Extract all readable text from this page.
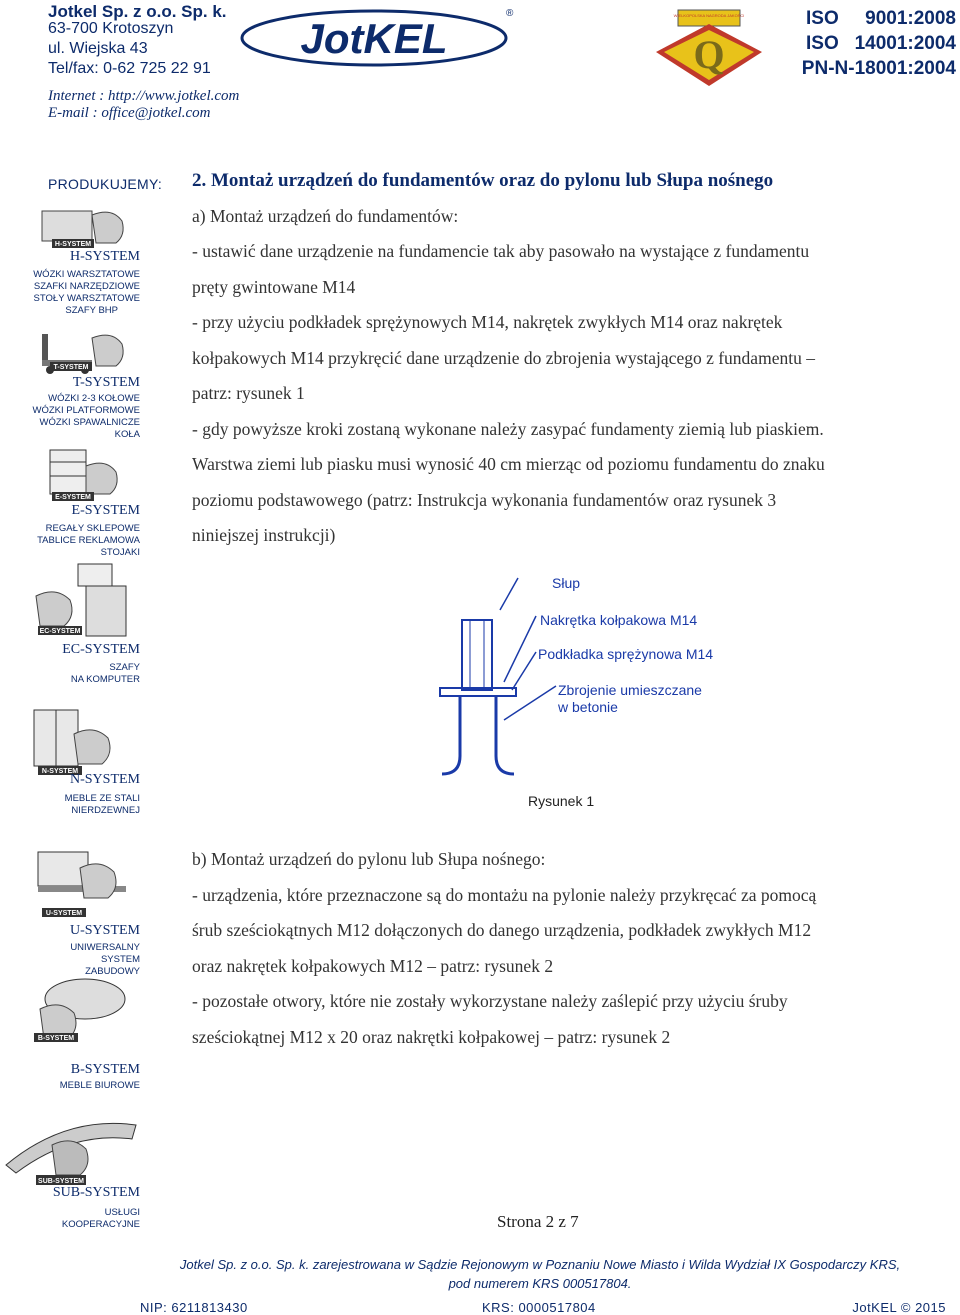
Jotkel Sp. z o.o. Sp. k.
63-700 Krotoszyn
ul. Wiejska 43
Tel/fax: 0-62 725 22 91
Internet : http://www.jotkel.com
E-mail : office@jotkel.com
JotKEL
®	WIELKOPOLSKA NAGRODA JAKOŚCI
Q
ISO     9001:2008
ISO   14001:2004
PN-N-18001:2004
PRODUKUJEMY:
H-SYSTEM
T-SYSTEM
E-SYSTEM
EC-SYSTEM
N-SYSTEM
U-SYSTEM
B-SYSTEM
SUB-SYSTEM
H-SYSTEM
WÓZKI WARSZTATOWE
SZAFKI NARZĘDZIOWE
STOŁY WARSZTATOWE
SZAFY BHP
T-SYSTEM
WÓZKI 2-3 KOŁOWE
WÓZKI PLATFORMOWE
WÓZKI SPAWALNICZE
KOŁA
E-SYSTEM
REGAŁY SKLEPOWE
TABLICE REKLAMOWA
STOJAKI
EC-SYSTEM
SZAFY
NA KOMPUTER
N-SYSTEM
MEBLE ZE STALI
NIERDZEWNEJ
U-SYSTEM
UNIWERSALNY
SYSTEM
ZABUDOWY
B-SYSTEM
MEBLE BIUROWE
SUB-SYSTEM
USŁUGI
KOOPERACYJNE

2. Montaż urządzeń do fundamentów oraz do pylonu lub Słupa nośnego

a) Montaż urządzeń do fundamentów:

- ustawić dane urządzenie na fundamencie tak aby pasowało na wystające z fundamentu

pręty gwintowane M14

- przy użyciu podkładek sprężynowych M14, nakrętek zwykłych M14 oraz nakrętek

kołpakowych M14 przykręcić dane urządzenie do zbrojenia wystającego z fundamentu –

patrz: rysunek 1

- gdy powyższe kroki zostaną wykonane należy zasypać fundamenty ziemią lub piaskiem.

Warstwa ziemi lub piasku musi wynosić 40 cm mierząc od poziomu fundamentu do znaku

poziomu podstawowego (patrz: Instrukcja wykonania fundamentów oraz rysunek 3

niniejszej instrukcji)

Słup
Nakrętka kołpakowa M14
Podkładka sprężynowa M14
Zbrojenie umieszczane
w betonie
Rysunek 1

b) Montaż urządzeń do pylonu lub Słupa nośnego:

- urządzenia, które przeznaczone są do montażu na pylonie należy przykręcać za pomocą

śrub sześciokątnych M12 dołączonych do danego urządzenia, podkładek zwykłych M12

oraz nakrętek kołpakowych M12 – patrz: rysunek 2

- pozostałe otwory, które nie zostały wykorzystane należy zaślepić przy użyciu śruby

sześciokątnej M12 x 20 oraz nakrętki kołpakowej – patrz: rysunek 2

Strona 2 z 7
Jotkel Sp. z o.o. Sp. k. zarejestrowana w Sądzie Rejonowym w Poznaniu Nowe Miasto i Wilda Wydział IX Gospodarczy KRS,
pod numerem KRS 000517804.
NIP: 6211813430	KRS: 0000517804	JotKEL © 2015
